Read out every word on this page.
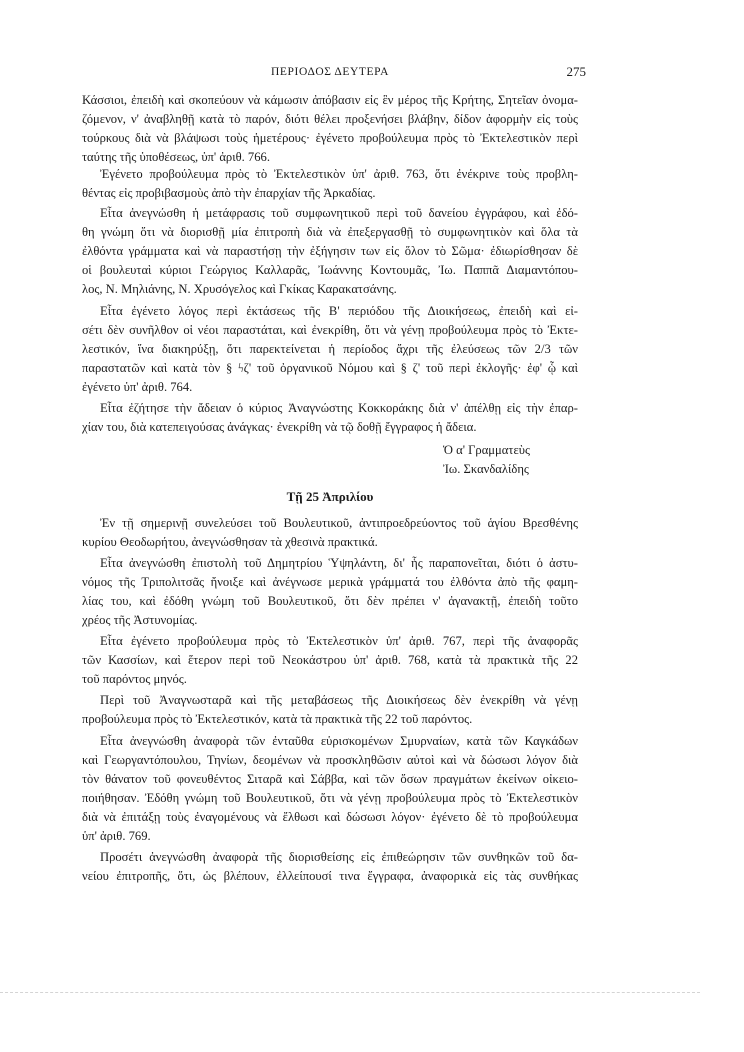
ΠΕΡΙΟΔΟΣ ΔΕΥΤΕΡΑ	275
Κάσσιοι, ἐπειδὴ καὶ σκοπεύουν νὰ κάμωσιν ἀπόβασιν εἰς ἓν μέρος τῆς Κρήτης, Σητεῖαν ὀνομα-
ζόμενον, ν' ἀναβληθῇ κατὰ τὸ παρόν, διότι θέλει προξενήσει βλάβην, δίδον ἀφορμὴν εἰς τοὺς
τούρκους διὰ νὰ βλάψωσι τοὺς ἡμετέρους· ἐγένετο προβούλευμα πρὸς τὸ Ἐκτελεστικὸν περὶ
ταύτης τῆς ὑποθέσεως, ὑπ' ἀριθ. 766.
Ἐγένετο προβούλευμα πρὸς τὸ Ἐκτελεστικὸν ὑπ' ἀριθ. 763, ὅτι ἐνέκρινε τοὺς προβλη-
θέντας εἰς προβιβασμοὺς ἀπὸ τὴν ἐπαρχίαν τῆς Ἀρκαδίας.
Εἶτα ἀνεγνώσθη ἡ μετάφρασις τοῦ συμφωνητικοῦ περὶ τοῦ δανείου ἐγγράφου, καὶ ἐδό-
θη γνώμη ὅτι νὰ διορισθῇ μία ἐπιτροπὴ διὰ νὰ ἐπεξεργασθῇ τὸ συμφωνητικὸν καὶ ὅλα τὰ
ἐλθόντα γράμματα καὶ νὰ παραστήσῃ τὴν ἐξήγησιν των εἰς ὅλον τὸ Σῶμα· ἐδιωρίσθησαν δὲ
οἱ βουλευταὶ κύριοι Γεώργιος Καλλαρᾶς, Ἰωάννης Κοντουμᾶς, Ἰω. Παππᾶ Διαμαντόπου-
λος, Ν. Μηλιάνης, Ν. Χρυσόγελος καὶ Γκίκας Καρακατσάνης.
Εἶτα ἐγένετο λόγος περὶ ἐκτάσεως τῆς Β' περιόδου τῆς Διοικήσεως, ἐπειδὴ καὶ εἰ-
σέτι δὲν συνῆλθον οἱ νέοι παραστάται, καὶ ἐνεκρίθη, ὅτι νὰ γένῃ προβούλευμα πρὸς τὸ Ἐκτε-
λεστικόν, ἵνα διακηρύξῃ, ὅτι παρεκτείνεται ἡ περίοδος ἄχρι τῆς ἐλεύσεως τῶν 2/3 τῶν
παραστατῶν καὶ κατὰ τὸν § ϟζ' τοῦ ὀργανικοῦ Νόμου καὶ § ζ' τοῦ περὶ ἐκλογῆς· ἐφ' ᾧ καὶ
ἐγένετο ὑπ' ἀριθ. 764.
Εἶτα ἐζήτησε τὴν ἄδειαν ὁ κύριος Ἀναγνώστης Κοκκοράκης διὰ ν' ἀπέλθῃ εἰς τὴν ἐπαρ-
χίαν του, διὰ κατεπειγούσας ἀνάγκας· ἐνεκρίθη νὰ τῷ δοθῇ ἔγγραφος ἡ ἄδεια.
Ὁ α' Γραμματεὺς
Ἰω. Σκανδαλίδης
Τῇ 25 Ἀπριλίου
Ἐν τῇ σημερινῇ συνελεύσει τοῦ Βουλευτικοῦ, ἀντιπροεδρεύοντος τοῦ ἁγίου Βρεσθένης
κυρίου Θεοδωρήτου, ἀνεγνώσθησαν τὰ χθεσινὰ πρακτικά.
Εἶτα ἀνεγνώσθη ἐπιστολὴ τοῦ Δημητρίου Ὑψηλάντη, δι' ἧς παραπονεῖται, διότι ὁ ἀστυ-
νόμος τῆς Τριπολιτσᾶς ἤνοιξε καὶ ἀνέγνωσε μερικὰ γράμματά του ἐλθόντα ἀπὸ τῆς φαμη-
λίας του, καὶ ἐδόθη γνώμη τοῦ Βουλευτικοῦ, ὅτι δὲν πρέπει ν' ἀγανακτῇ, ἐπειδὴ τοῦτο
χρέος τῆς Ἀστυνομίας.
Εἶτα ἐγένετο προβούλευμα πρὸς τὸ Ἐκτελεστικὸν ὑπ' ἀριθ. 767, περὶ τῆς ἀναφορᾶς
τῶν Κασσίων, καὶ ἕτερον περὶ τοῦ Νεοκάστρου ὑπ' ἀριθ. 768, κατὰ τὰ πρακτικὰ τῆς 22
τοῦ παρόντος μηνός.
Περὶ τοῦ Ἀναγνωσταρᾶ καὶ τῆς μεταβάσεως τῆς Διοικήσεως δὲν ἐνεκρίθη νὰ γένῃ
προβούλευμα πρὸς τὸ Ἐκτελεστικόν, κατὰ τὰ πρακτικὰ τῆς 22 τοῦ παρόντος.
Εἶτα ἀνεγνώσθη ἀναφορὰ τῶν ἐνταῦθα εὑρισκομένων Σμυρναίων, κατὰ τῶν Καγκάδων
καὶ Γεωργαντόπουλου, Τηνίων, δεομένων νὰ προσκληθῶσιν αὐτοὶ καὶ νὰ δώσωσι λόγον διὰ
τὸν θάνατον τοῦ φονευθέντος Σιταρᾶ καὶ Σάββα, καὶ τῶν ὅσων πραγμάτων ἐκείνων οἰκειο-
ποιήθησαν. Ἐδόθη γνώμη τοῦ Βουλευτικοῦ, ὅτι νὰ γένῃ προβούλευμα πρὸς τὸ Ἐκτελεστικὸν
διὰ νὰ ἐπιτάξῃ τοὺς ἐναγομένους νὰ ἔλθωσι καὶ δώσωσι λόγον· ἐγένετο δὲ τὸ προβούλευμα
ὑπ' ἀριθ. 769.
Προσέτι ἀνεγνώσθη ἀναφορὰ τῆς διορισθείσης εἰς ἐπιθεώρησιν τῶν συνθηκῶν τοῦ δα-
νείου ἐπιτροπῆς, ὅτι, ὡς βλέπουν, ἐλλείπουσί τινα ἔγγραφα, ἀναφορικὰ εἰς τὰς συνθήκας
